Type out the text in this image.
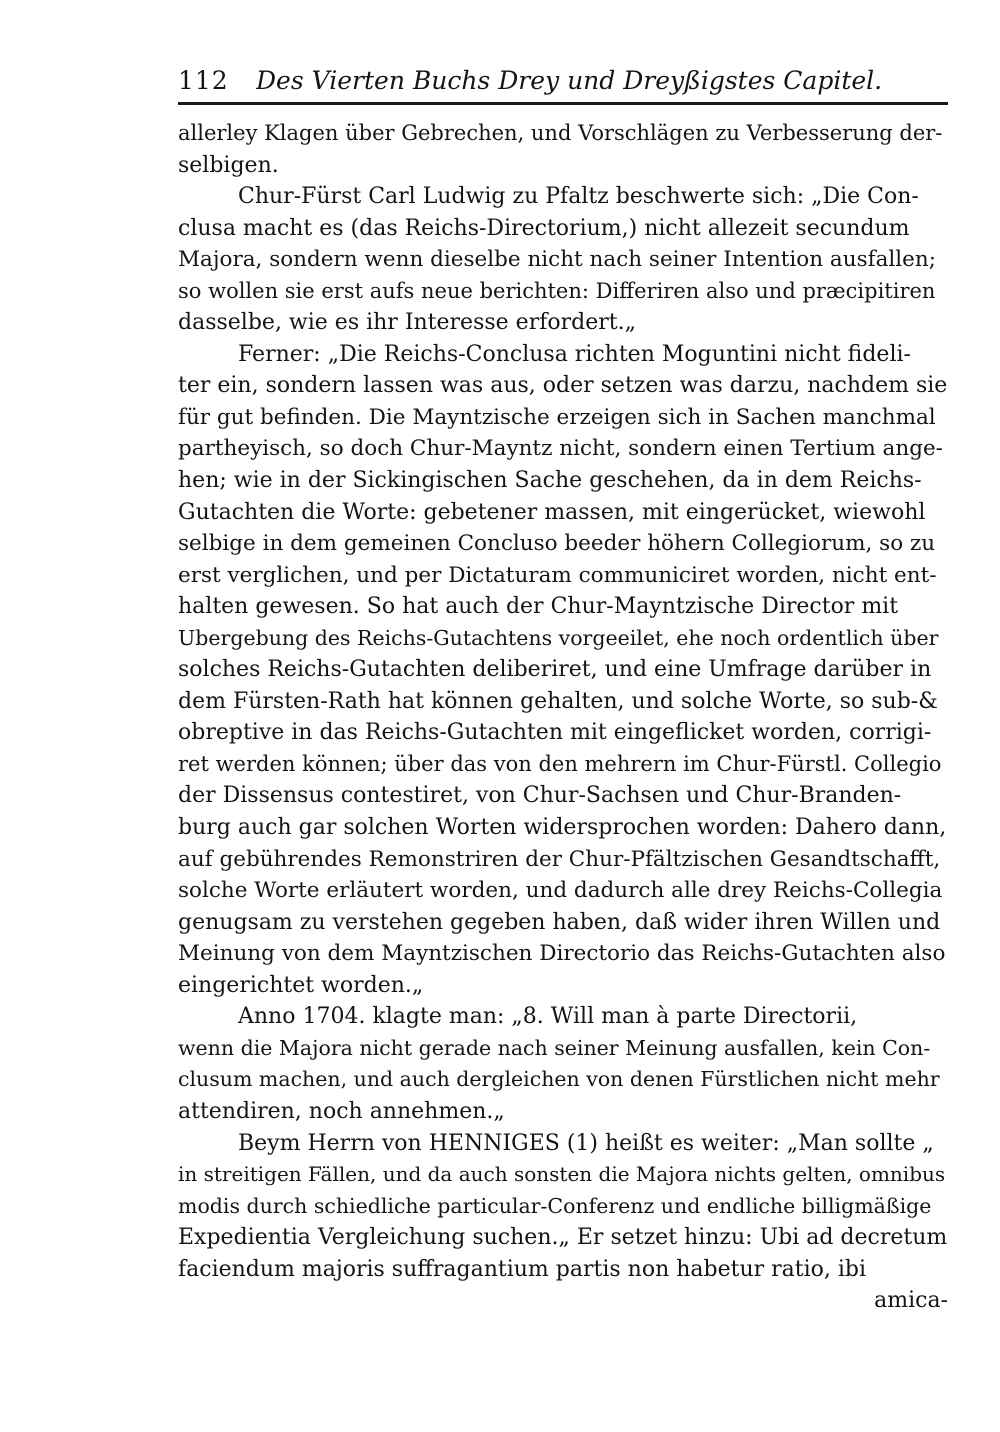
112 Des Vierten Buchs Drey und Dreyßigstes Capitel.
allerley Klagen über Gebrechen, und Vorschlägen zu Verbesserung der-
selbigen.
Chur-Fürst Carl Ludwig zu Pfaltz beschwerte sich: „Die Con-
clusa macht es (das Reichs-Directorium,) nicht allezeit secundum
Majora, sondern wenn dieselbe nicht nach seiner Intention ausfallen;
so wollen sie erst aufs neue berichten: Differiren also und præcipitiren
dasselbe, wie es ihr Interesse erfordert.„
Ferner: „Die Reichs-Conclusa richten Moguntini nicht fideli-
ter ein, sondern lassen was aus, oder setzen was darzu, nachdem sie
für gut befinden. Die Mayntzische erzeigen sich in Sachen manchmal
partheyisch, so doch Chur-Mayntz nicht, sondern einen Tertium ange-
hen; wie in der Sickingischen Sache geschehen, da in dem Reichs-
Gutachten die Worte: gebetener massen, mit eingerücket, wiewohl
selbige in dem gemeinen Concluso beeder höhern Collegiorum, so zu
erst verglichen, und per Dictaturam communiciret worden, nicht ent-
halten gewesen. So hat auch der Chur-Mayntzische Director mit
Ubergebung des Reichs-Gutachtens vorgeeilet, ehe noch ordentlich über
solches Reichs-Gutachten deliberiret, und eine Umfrage darüber in
dem Fürsten-Rath hat können gehalten, und solche Worte, so sub-&
obreptive in das Reichs-Gutachten mit eingeflicket worden, corrigi-
ret werden können; über das von den mehrern im Chur-Fürstl. Collegio
der Dissensus contestiret, von Chur-Sachsen und Chur-Branden-
burg auch gar solchen Worten widersprochen worden: Dahero dann,
auf gebührendes Remonstriren der Chur-Pfältzischen Gesandtschafft,
solche Worte erläutert worden, und dadurch alle drey Reichs-Collegia
genugsam zu verstehen gegeben haben, daß wider ihren Willen und
Meinung von dem Mayntzischen Directorio das Reichs-Gutachten also
eingerichtet worden.„
Anno 1704. klagte man: „8. Will man à parte Directorii,
wenn die Majora nicht gerade nach seiner Meinung ausfallen, kein Con-
clusum machen, und auch dergleichen von denen Fürstlichen nicht mehr
attendiren, noch annehmen.„
Beym Herrn von HENNIGES (1) heißt es weiter: „Man sollte „
in streitigen Fällen, und da auch sonsten die Majora nichts gelten, omnibus
modis durch schiedliche particular-Conferenz und endliche billigmäßige
Expedientia Vergleichung suchen.„ Er setzet hinzu: Ubi ad decretum
faciendum majoris suffragantium partis non habetur ratio, ibi
amica-
